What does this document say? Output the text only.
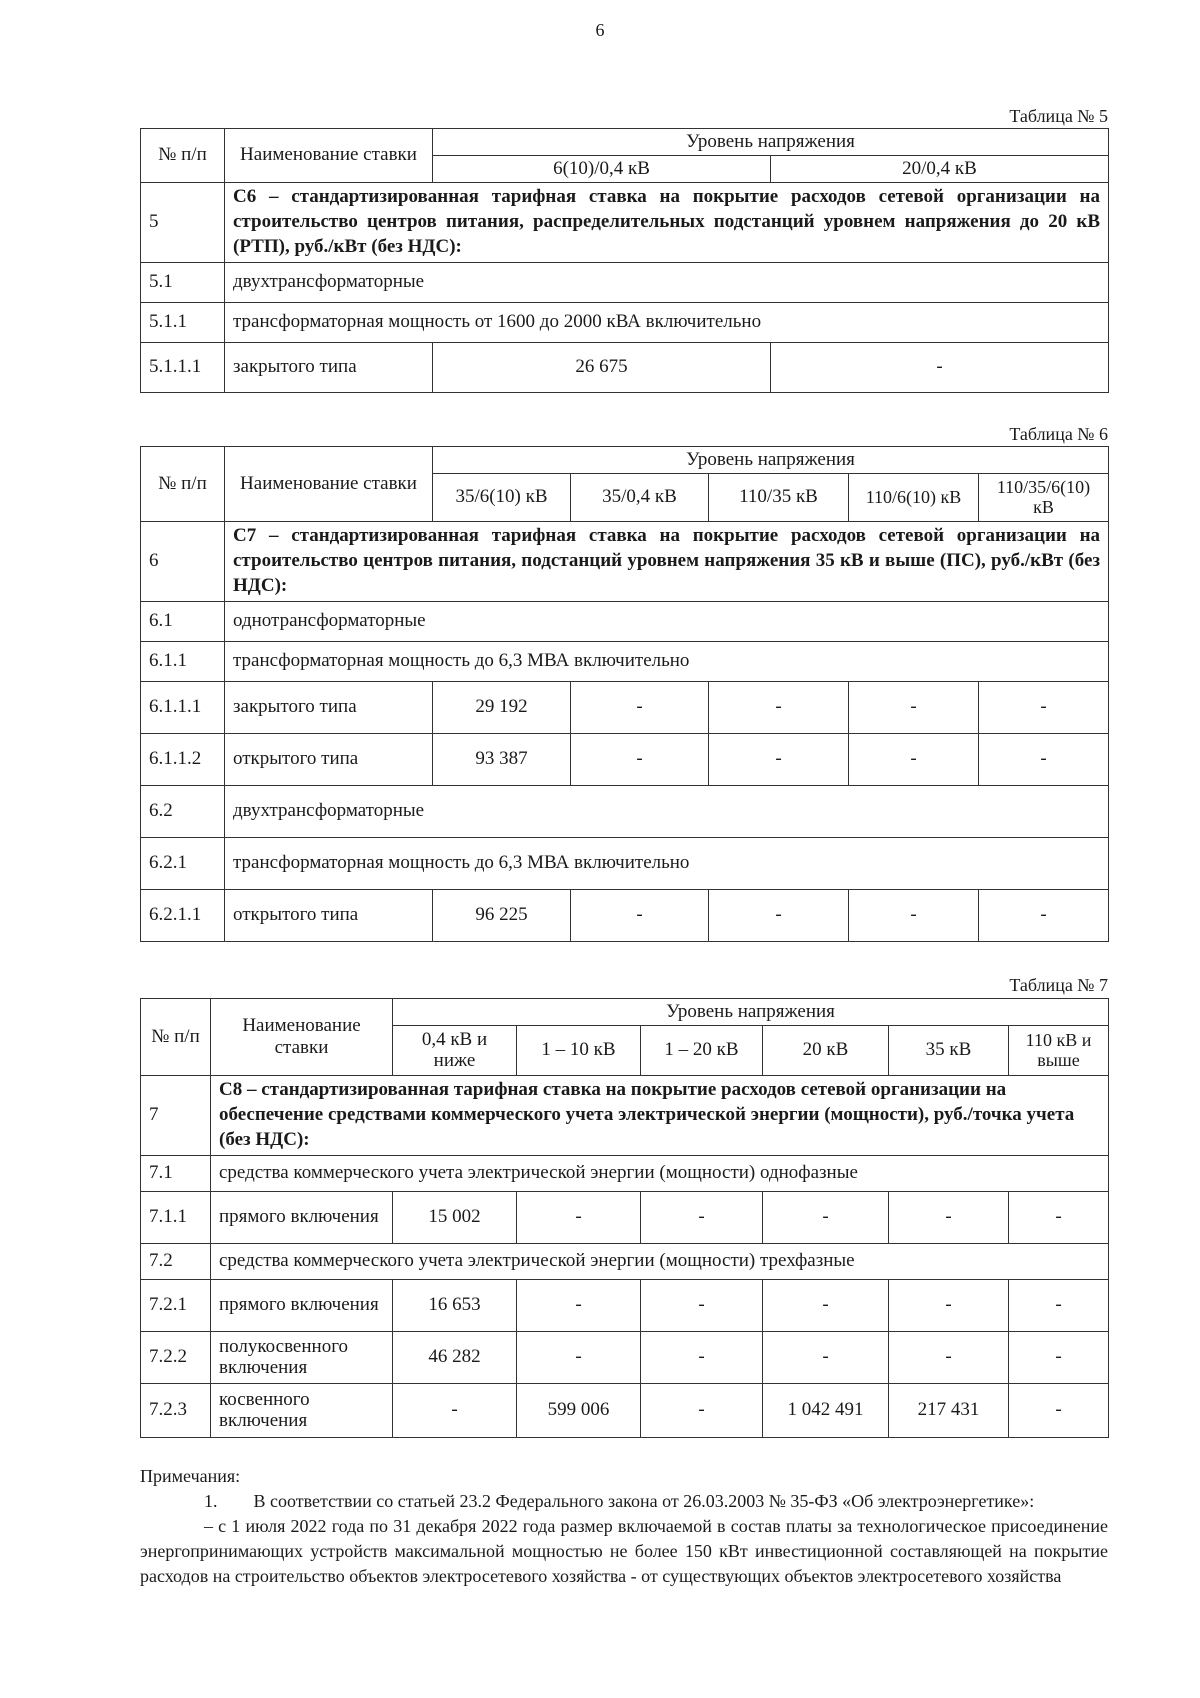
6
Таблица № 5
№ п/п	Наименование ставки	Уровень напряжения	
		6(10)/0,4 кВ	20/0,4 кВ
5	С6 – стандартизированная тарифная ставка на покрытие расходов сетевой организации на строительство центров питания, распределительных подстанций уровнем напряжения до 20 кВ (РТП), руб./кВт (без НДС):		
5.1	двухтрансформаторные		
5.1.1	трансформаторная мощность от 1600 до 2000 кВА включительно		
5.1.1.1	закрытого типа	26 675	-
Таблица № 6
№ п/п	Наименование ставки	Уровень напряжения				
		35/6(10) кВ	35/0,4 кВ	110/35 кВ	110/6(10) кВ	110/35/6(10) кВ
6	С7 – стандартизированная тарифная ставка на покрытие расходов сетевой организации на строительство центров питания, подстанций уровнем напряжения 35 кВ и выше (ПС), руб./кВт (без НДС):					
6.1	однотрансформаторные					
6.1.1	трансформаторная мощность до 6,3 МВА включительно					
6.1.1.1	закрытого типа	29 192	-	-	-	-
6.1.1.2	открытого типа	93 387	-	-	-	-
6.2	двухтрансформаторные					
6.2.1	трансформаторная мощность до 6,3 МВА включительно					
6.2.1.1	открытого типа	96 225	-	-	-	-
Таблица № 7
№ п/п	Наименование ставки	Уровень напряжения					
		0,4 кВ и ниже	1 – 10 кВ	1 – 20 кВ	20 кВ	35 кВ	110 кВ и выше
7	С8 – стандартизированная тарифная ставка на покрытие расходов сетевой организации на обеспечение средствами коммерческого учета электрической энергии (мощности), руб./точка учета (без НДС):						
7.1	средства коммерческого учета электрической энергии (мощности) однофазные						
7.1.1	прямого включения	15 002	-	-	-	-	-
7.2	средства коммерческого учета электрической энергии (мощности) трехфазные						
7.2.1	прямого включения	16 653	-	-	-	-	-
7.2.2	полукосвенного включения	46 282	-	-	-	-	-
7.2.3	косвенного включения	-	599 006	-	1 042 491	217 431	-

Примечания:

1.  В соответствии со статьей 23.2 Федерального закона от 26.03.2003 № 35-ФЗ «Об электроэнергетике»:

– с 1 июля 2022 года по 31 декабря 2022 года размер включаемой в состав платы за технологическое присоединение энергопринимающих устройств максимальной мощностью не более 150 кВт инвестиционной составляющей на покрытие расходов на строительство объектов электросетевого хозяйства - от существующих объектов электросетевого хозяйства
